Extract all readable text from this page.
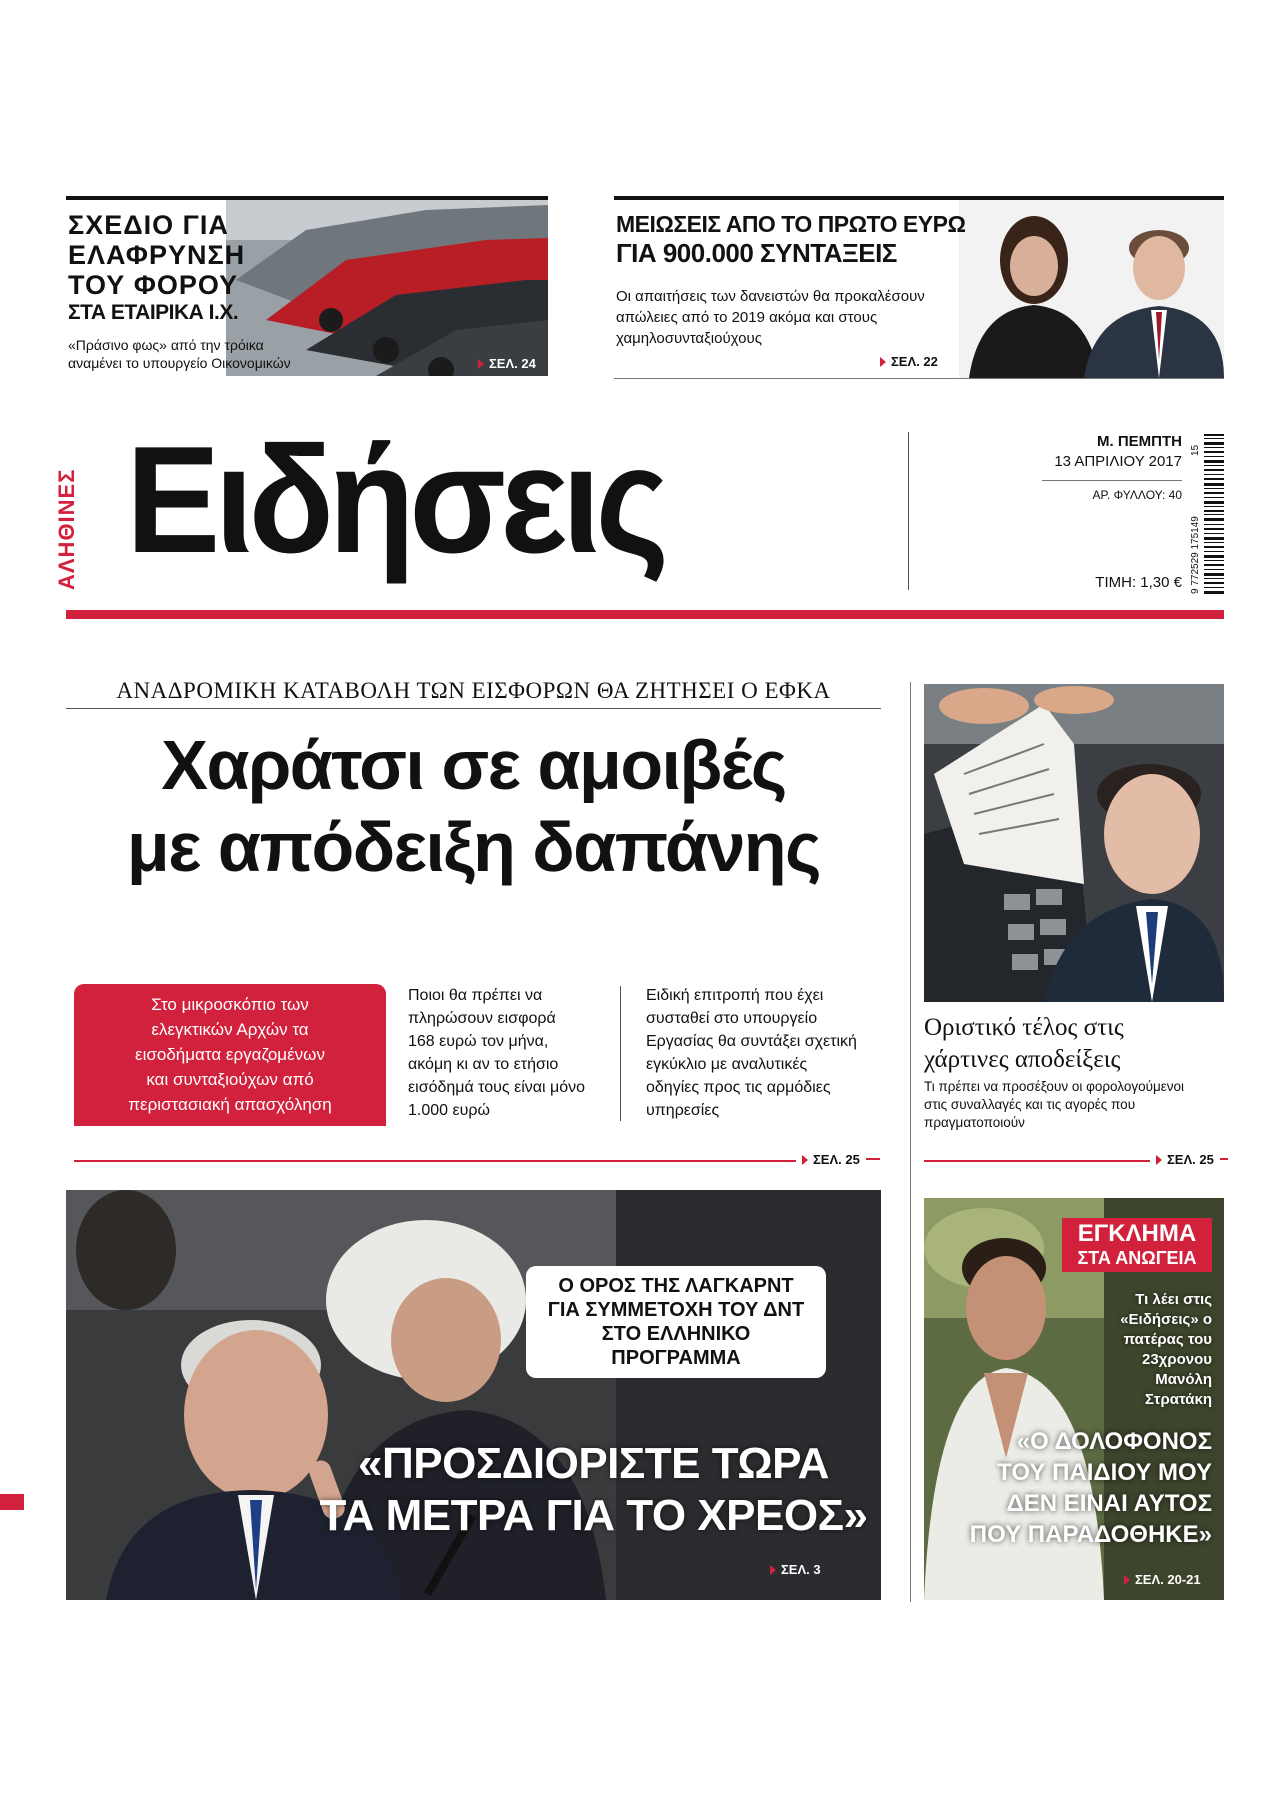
ΣΧΕΔΙΟ ΓΙΑ
ΕΛΑΦΡΥΝΣΗ
ΤΟΥ ΦΟΡΟΥ
ΣΤΑ ΕΤΑΙΡΙΚΑ Ι.Χ.
«Πράσινο φως» από την τρόικα
αναμένει το υπουργείο Οικονομικών	ΣΕΛ. 24
ΜΕΙΩΣΕΙΣ ΑΠΟ ΤΟ ΠΡΩΤΟ ΕΥΡΩ
ΓΙΑ 900.000 ΣΥΝΤΑΞΕΙΣ
Οι απαιτήσεις των δανειστών θα προκαλέσουν
απώλειες από το 2019 ακόμα και στους
χαμηλοσυνταξιούχους
ΣΕΛ. 22
ΑΛΗΘΙΝΕΣ Ειδήσεις	Μ. ΠΕΜΠΤΗ
13 ΑΠΡΙΛΙΟΥ 2017
ΑΡ. ΦΥΛΛΟΥ: 40
ΤΙΜΗ: 1,30 € 9 772529 175149
15
ΑΝΑΔΡΟΜΙΚΗ ΚΑΤΑΒΟΛΗ ΤΩΝ ΕΙΣΦΟΡΩΝ ΘΑ ΖΗΤΗΣΕΙ Ο ΕΦΚΑ
Χαράτσι σε αμοιβές
με απόδειξη δαπάνης
Στο μικροσκόπιο των
ελεγκτικών Αρχών τα
εισοδήματα εργαζομένων
και συνταξιούχων από
περιστασιακή απασχόληση
Ποιοι θα πρέπει να
πληρώσουν εισφορά
168 ευρώ τον μήνα,
ακόμη κι αν το ετήσιο
εισόδημά τους είναι μόνο
1.000 ευρώ
Ειδική επιτροπή που έχει
συσταθεί στο υπουργείο
Εργασίας θα συντάξει σχετική
εγκύκλιο με αναλυτικές
οδηγίες προς τις αρμόδιες
υπηρεσίες
ΣΕΛ. 25
Οριστικό τέλος στις
χάρτινες αποδείξεις
Τι πρέπει να προσέξουν οι φορολογούμενοι
στις συναλλαγές και τις αγορές που
πραγματοποιούν
ΣΕΛ. 25
Ο ΟΡΟΣ ΤΗΣ ΛΑΓΚΑΡΝΤ
ΓΙΑ ΣΥΜΜΕΤΟΧΗ ΤΟΥ ΔΝΤ
ΣΤΟ ΕΛΛΗΝΙΚΟ ΠΡΟΓΡΑΜΜΑ
«ΠΡΟΣΔΙΟΡΙΣΤΕ ΤΩΡΑ
ΤΑ ΜΕΤΡΑ ΓΙΑ ΤΟ ΧΡΕΟΣ»
ΣΕΛ. 3
ΕΓΚΛΗΜΑ
ΣΤΑ ΑΝΩΓΕΙΑ
Τι λέει στις
«Ειδήσεις» ο
πατέρας του
23χρονου
Μανόλη
Στρατάκη
«Ο ΔΟΛΟΦΟΝΟΣ
ΤΟΥ ΠΑΙΔΙΟΥ ΜΟΥ
ΔΕΝ ΕΙΝΑΙ ΑΥΤΟΣ
ΠΟΥ ΠΑΡΑΔΟΘΗΚΕ»
ΣΕΛ. 20-21
